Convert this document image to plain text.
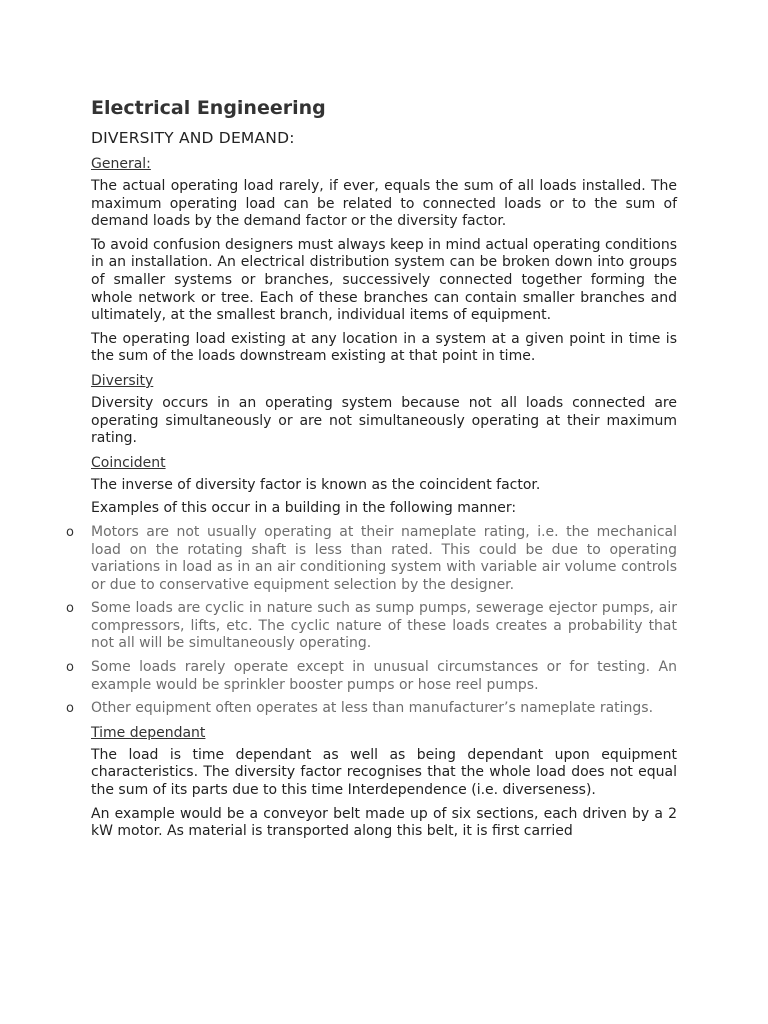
Electrical Engineering
DIVERSITY AND DEMAND:
General:

The actual operating load rarely, if ever, equals the sum of all loads installed. The maximum operating load can be related to connected loads or to the sum of demand loads by the demand factor or the diversity factor.

To avoid confusion designers must always keep in mind actual operating conditions in an installation. An electrical distribution system can be broken down into groups of smaller systems or branches, successively connected together forming the whole network or tree. Each of these branches can contain smaller branches and ultimately, at the smallest branch, individual items of equipment.

The operating load existing at any location in a system at a given point in time is the sum of the loads downstream existing at that point in time.

Diversity

Diversity occurs in an operating system because not all loads connected are operating simultaneously or are not simultaneously operating at their maximum rating.

Coincident

The inverse of diversity factor is known as the coincident factor.

Examples of this occur in a building in the following manner:

o Motors are not usually operating at their nameplate rating, i.e. the mechanical load on the rotating shaft is less than rated. This could be due to operating variations in load as in an air conditioning system with variable air volume controls or due to conservative equipment selection by the designer.
o Some loads are cyclic in nature such as sump pumps, sewerage ejector pumps, air compressors, lifts, etc. The cyclic nature of these loads creates a probability that not all will be simultaneously operating.
o Some loads rarely operate except in unusual circumstances or for testing. An example would be sprinkler booster pumps or hose reel pumps.
o Other equipment often operates at less than manufacturer’s nameplate ratings.
Time dependant

The load is time dependant as well as being dependant upon equipment characteristics. The diversity factor recognises that the whole load does not equal the sum of its parts due to this time Interdependence (i.e. diverseness).

An example would be a conveyor belt made up of six sections, each driven by a 2 kW motor. As material is transported along this belt, it is first carried
